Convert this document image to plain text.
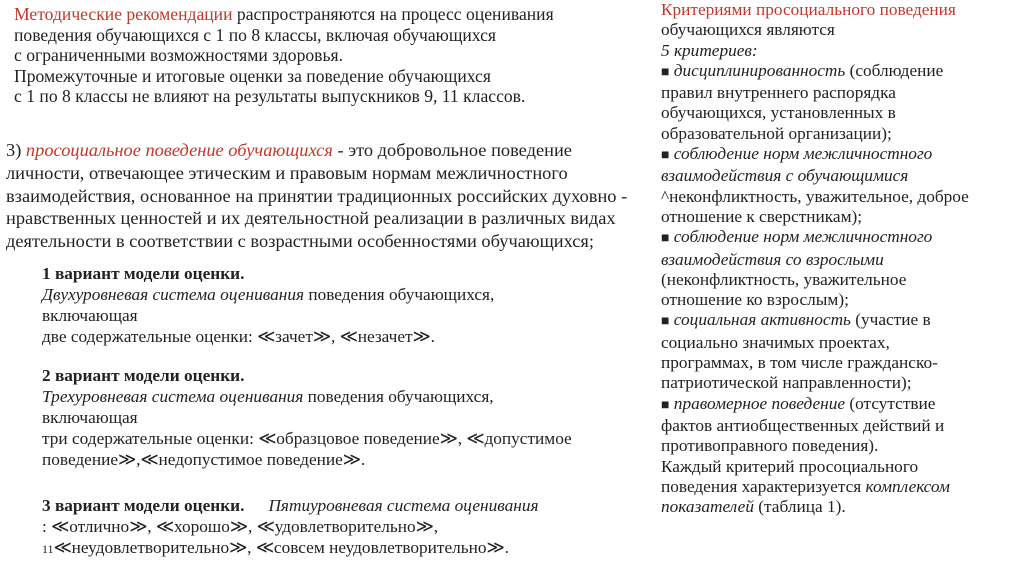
Методические рекомендации распространяются на процесс оценивания
поведения обучающихся с 1 по 8 классы, включая обучающихся
с ограниченными возможностями здоровья.
Промежуточные и итоговые оценки за поведение обучающихся
с 1 по 8 классы не влияют на результаты выпускников 9, 11 классов.
3) просоциальное поведение обучающихся - это добровольное поведение
личности, отвечающее этическим и правовым нормам межличностного
взаимодействия, основанное на принятии традиционных российских духовно -
нравственных ценностей и их деятельностной реализации в различных видах
деятельности в соответствии с возрастными особенностями обучающихся;
1 вариант модели оценки.
Двухуровневая система оценивания поведения обучающихся,
включающая
две содержательные оценки: ≪зачет≫, ≪незачет≫.
2 вариант модели оценки.
Трехуровневая система оценивания поведения обучающихся,
включающая
три содержательные оценки: ≪образцовое поведение≫, ≪допустимое
поведение≫,≪недопустимое поведение≫.
3 вариант модели оценки. Пятиуровневая система оценивания
: ≪отлично≫, ≪хорошо≫, ≪удовлетворительно≫,
11≪неудовлетворительно≫, ≪совсем неудовлетворительно≫.
Критериями просоциального поведения
обучающихся являются
5 критериев:
■ дисциплинированность (соблюдение
правил внутреннего распорядка
обучающихся, установленных в
образовательной организации);
■ соблюдение норм межличностного
взаимодействия с обучающимися
^неконфликтность, уважительное, доброе
отношение к сверстникам);
■ соблюдение норм межличностного
взаимодействия со взрослыми
(неконфликтность, уважительное
отношение ко взрослым);
■ социальная активность (участие в
социально значимых проектах,
программах, в том числе гражданско-
патриотической направленности);
■ правомерное поведение (отсутствие
фактов антиобщественных действий и
противоправного поведения).
Каждый критерий просоциального
поведения характеризуется комплексом
показателей (таблица 1).
